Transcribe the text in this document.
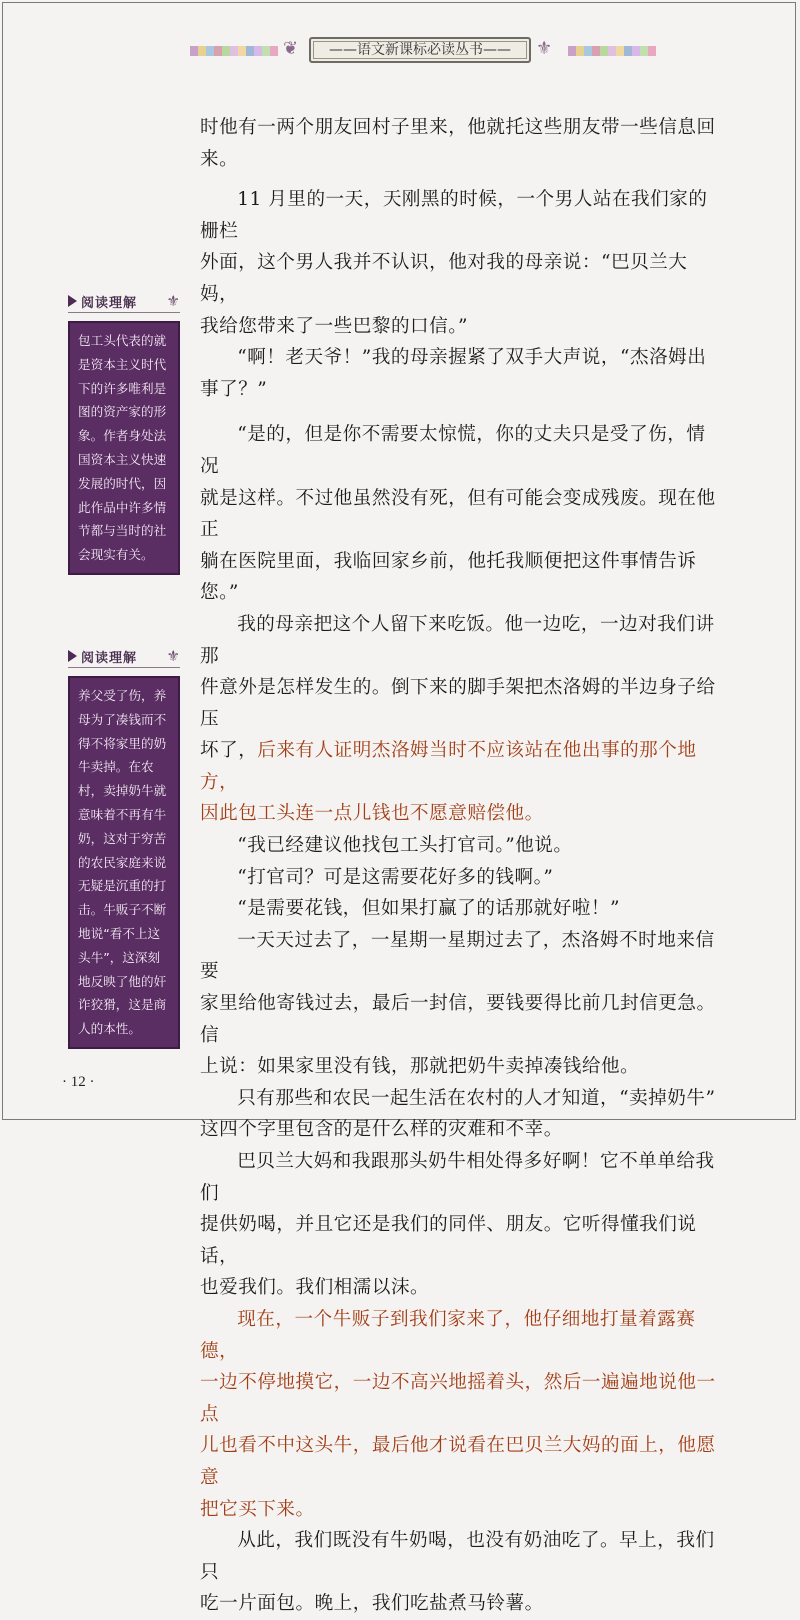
❦	——语文新课标必读丛书——	⚜
阅读理解 ⚜
包工头代表的就
是资本主义时代
下的许多唯利是
图的资产家的形
象。作者身处法
国资本主义快速
发展的时代，因
此作品中许多情
节都与当时的社
会现实有关。
阅读理解 ⚜
养父受了伤，养
母为了凑钱而不
得不将家里的奶
牛卖掉。在农
村，卖掉奶牛就
意味着不再有牛
奶，这对于穷苦
的农民家庭来说
无疑是沉重的打
击。牛贩子不断
地说“看不上这
头牛”，这深刻
地反映了他的奸
诈狡猾，这是商
人的本性。

时他有一两个朋友回村子里来，他就托这些朋友带一些信息回来。

11 月里的一天，天刚黑的时候，一个男人站在我们家的栅栏

外面，这个男人我并不认识，他对我的母亲说：“巴贝兰大妈，

我给您带来了一些巴黎的口信。”

“啊！老天爷！”我的母亲握紧了双手大声说，“杰洛姆出

事了？”

“是的，但是你不需要太惊慌，你的丈夫只是受了伤，情况

就是这样。不过他虽然没有死，但有可能会变成残废。现在他正

躺在医院里面，我临回家乡前，他托我顺便把这件事情告诉您。”

我的母亲把这个人留下来吃饭。他一边吃，一边对我们讲那

件意外是怎样发生的。倒下来的脚手架把杰洛姆的半边身子给压

坏了，后来有人证明杰洛姆当时不应该站在他出事的那个地方，

因此包工头连一点儿钱也不愿意赔偿他。

“我已经建议他找包工头打官司。”他说。

“打官司？可是这需要花好多的钱啊。”

“是需要花钱，但如果打赢了的话那就好啦！”

一天天过去了，一星期一星期过去了，杰洛姆不时地来信要

家里给他寄钱过去，最后一封信，要钱要得比前几封信更急。信

上说：如果家里没有钱，那就把奶牛卖掉凑钱给他。

只有那些和农民一起生活在农村的人才知道，“卖掉奶牛”

这四个字里包含的是什么样的灾难和不幸。

巴贝兰大妈和我跟那头奶牛相处得多好啊！它不单单给我们

提供奶喝，并且它还是我们的同伴、朋友。它听得懂我们说话，

也爱我们。我们相濡以沫。

现在，一个牛贩子到我们家来了，他仔细地打量着露赛德，

一边不停地摸它，一边不高兴地摇着头，然后一遍遍地说他一点

儿也看不中这头牛，最后他才说看在巴贝兰大妈的面上，他愿意

把它买下来。

从此，我们既没有牛奶喝，也没有奶油吃了。早上，我们只

吃一片面包。晚上，我们吃盐煮马铃薯。

· 12 ·
